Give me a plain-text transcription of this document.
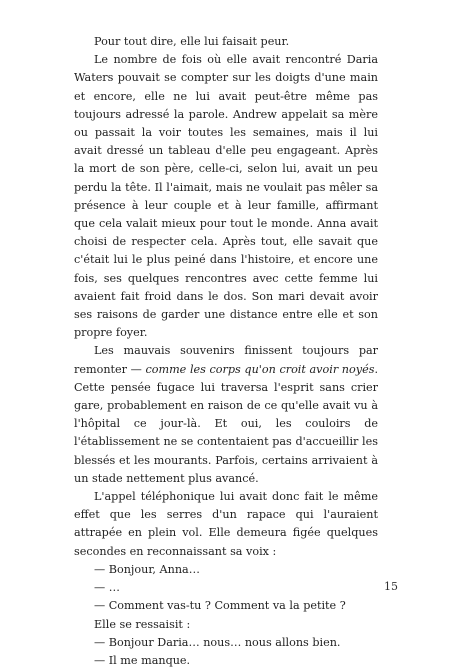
Pour tout dire, elle lui faisait peur.

Le nombre de fois où elle avait rencontré Daria Waters pouvait se compter sur les doigts d'une main et encore, elle ne lui avait peut-être même pas toujours adressé la parole. Andrew appelait sa mère ou passait la voir toutes les semaines, mais il lui avait dressé un tableau d'elle peu engageant. Après la mort de son père, celle-ci, selon lui, avait un peu perdu la tête. Il l'aimait, mais ne voulait pas mêler sa présence à leur couple et à leur famille, affirmant que cela valait mieux pour tout le monde. Anna avait choisi de respecter cela. Après tout, elle savait que c'était lui le plus peiné dans l'histoire, et encore une fois, ses quelques rencontres avec cette femme lui avaient fait froid dans le dos. Son mari devait avoir ses raisons de garder une distance entre elle et son propre foyer.

Les mauvais souvenirs finissent toujours par remonter — comme les corps qu'on croit avoir noyés. Cette pensée fugace lui traversa l'esprit sans crier gare, probablement en raison de ce qu'elle avait vu à l'hôpital ce jour-là. Et oui, les couloirs de l'établissement ne se contentaient pas d'accueillir les blessés et les mourants. Parfois, certains arrivaient à un stade nettement plus avancé.

L'appel téléphonique lui avait donc fait le même effet que les serres d'un rapace qui l'auraient attrapée en plein vol. Elle demeura figée quelques secondes en reconnaissant sa voix :

— Bonjour, Anna…

— …

— Comment vas-tu ? Comment va la petite ?

Elle se ressaisit :

— Bonjour Daria… nous… nous allons bien.

— Il me manque.

15
